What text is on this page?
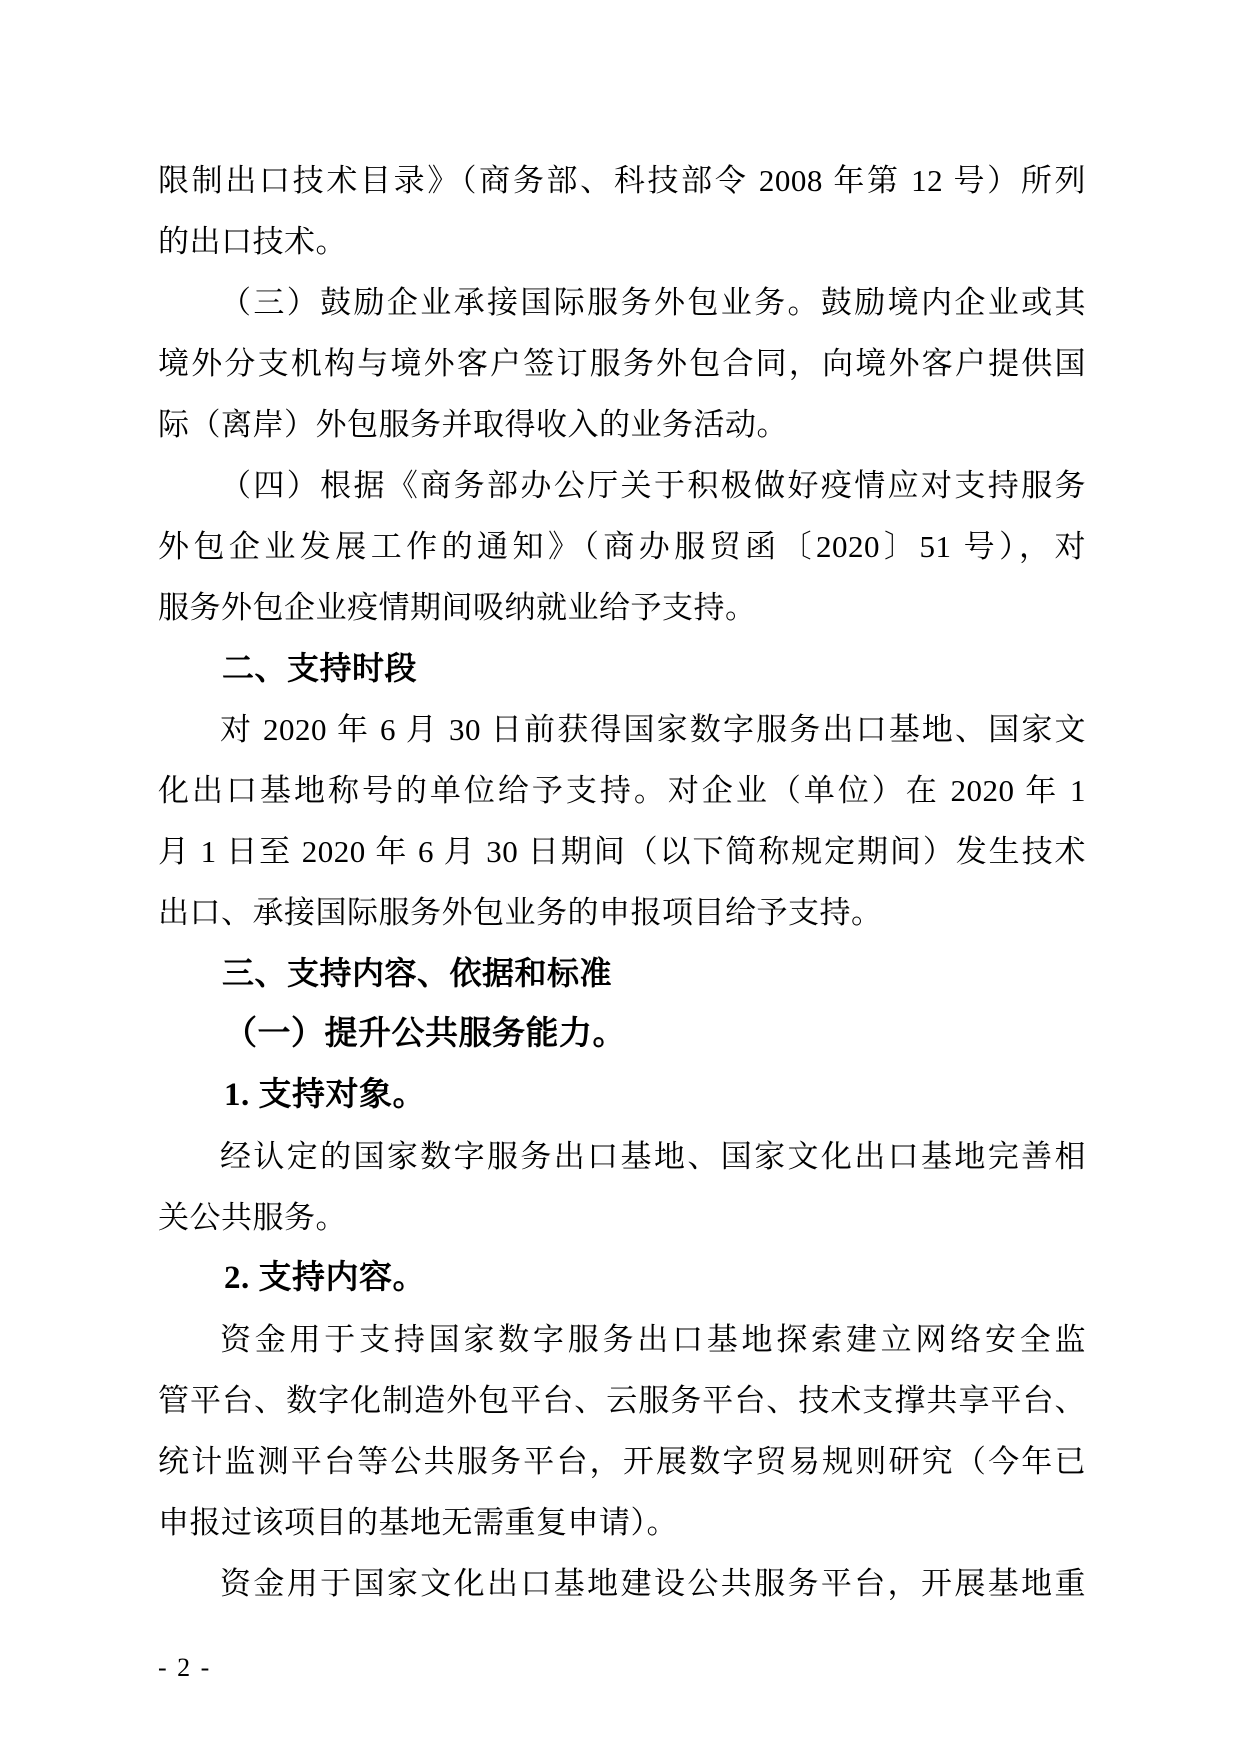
限制出口技术目录》（商务部、科技部令 2008 年第 12 号）所列
的出口技术。
（三）鼓励企业承接国际服务外包业务。鼓励境内企业或其
境外分支机构与境外客户签订服务外包合同，向境外客户提供国
际（离岸）外包服务并取得收入的业务活动。
（四）根据《商务部办公厅关于积极做好疫情应对支持服务
外包企业发展工作的通知》（商办服贸函〔2020〕51 号），对
服务外包企业疫情期间吸纳就业给予支持。
二、支持时段
对 2020 年 6 月 30 日前获得国家数字服务出口基地、国家文
化出口基地称号的单位给予支持。对企业（单位）在 2020 年 1
月 1 日至 2020 年 6 月 30 日期间（以下简称规定期间）发生技术
出口、承接国际服务外包业务的申报项目给予支持。
三、支持内容、依据和标准
（一）提升公共服务能力。
1. 支持对象。
经认定的国家数字服务出口基地、国家文化出口基地完善相
关公共服务。
2. 支持内容。
资金用于支持国家数字服务出口基地探索建立网络安全监
管平台、数字化制造外包平台、云服务平台、技术支撑共享平台、
统计监测平台等公共服务平台，开展数字贸易规则研究（今年已
申报过该项目的基地无需重复申请）。
资金用于国家文化出口基地建设公共服务平台，开展基地重
- 2 -
